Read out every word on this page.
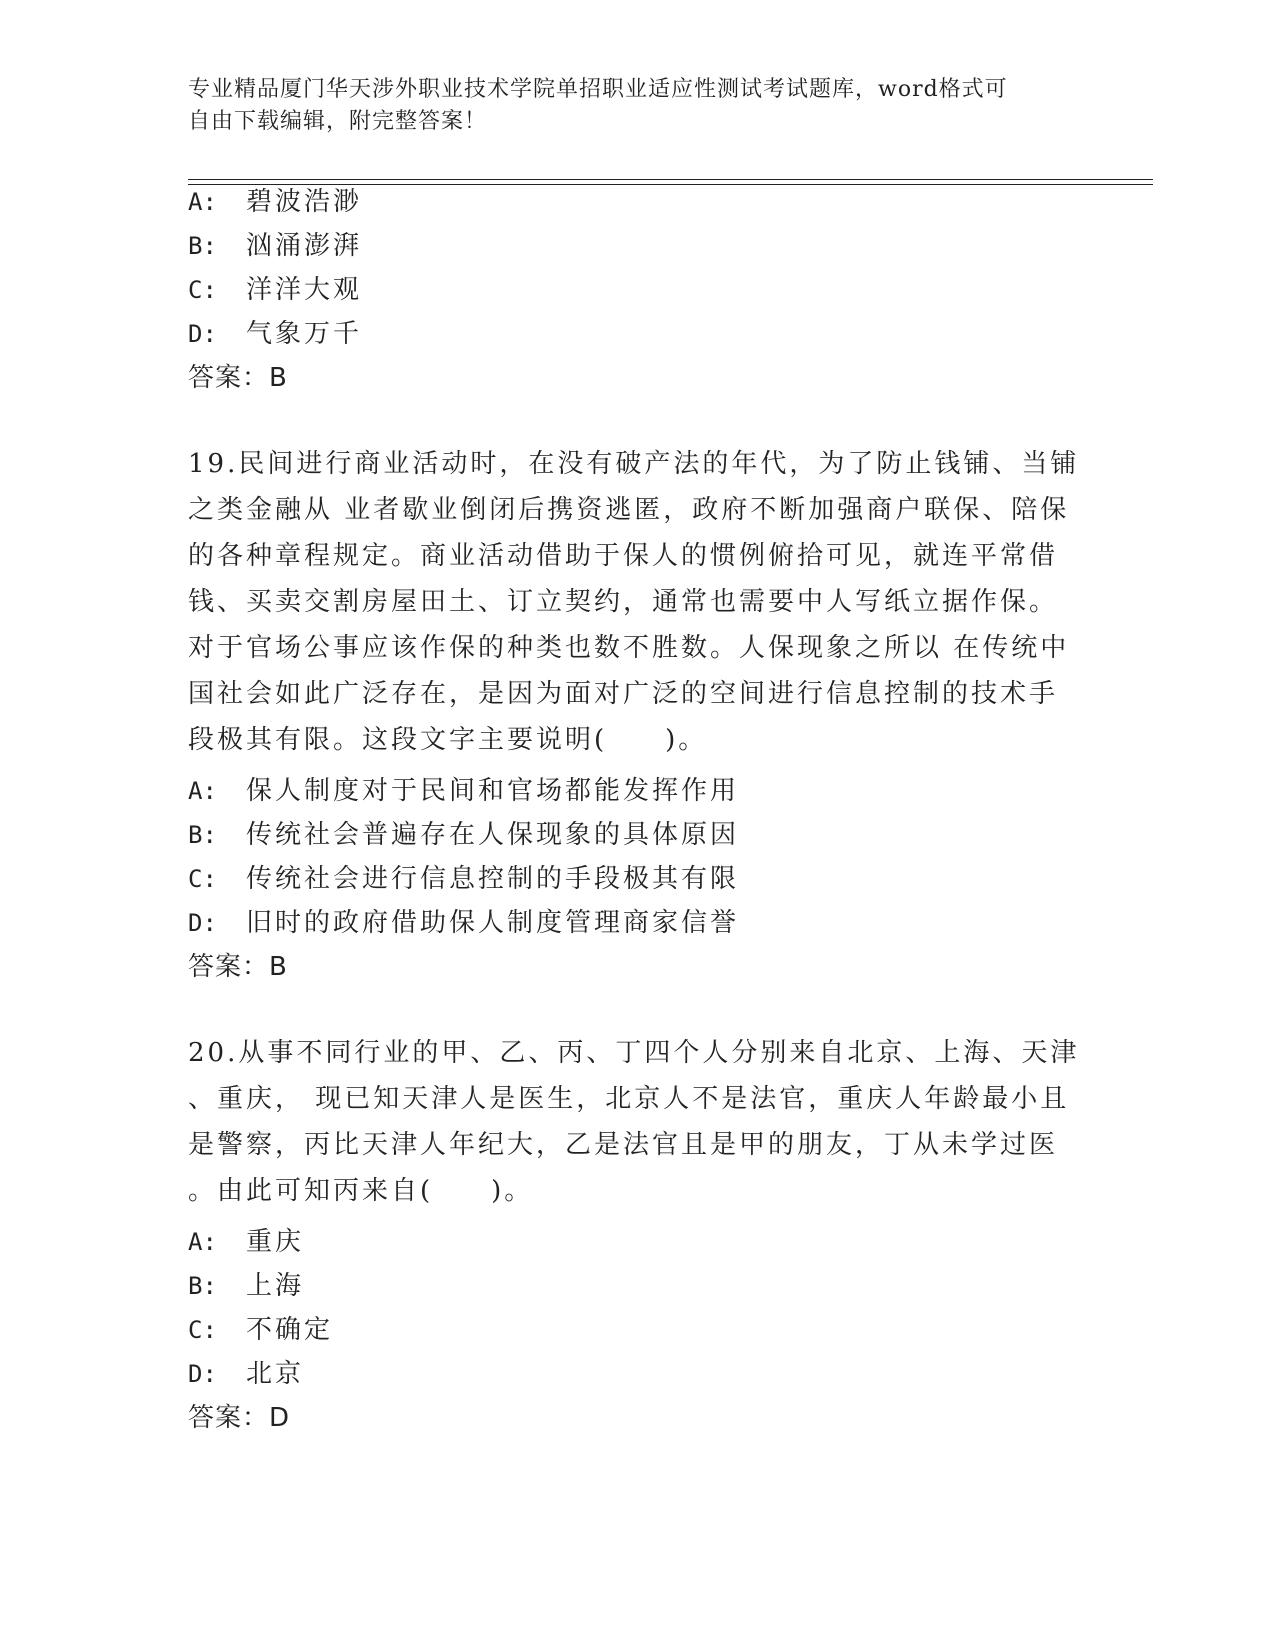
专业精品厦门华天涉外职业技术学院单招职业适应性测试考试题库，word格式可
自由下载编辑，附完整答案！
A: 碧波浩渺
B: 汹涌澎湃
C: 洋洋大观
D: 气象万千
答案：B
19.民间进行商业活动时，在没有破产法的年代，为了防止钱铺、当铺
之类金融从 业者歇业倒闭后携资逃匿，政府不断加强商户联保、陪保
的各种章程规定。商业活动借助于保人的惯例俯拾可见，就连平常借
钱、买卖交割房屋田土、订立契约，通常也需要中人写纸立据作保。
对于官场公事应该作保的种类也数不胜数。人保现象之所以 在传统中
国社会如此广泛存在，是因为面对广泛的空间进行信息控制的技术手
段极其有限。这段文字主要说明(　　)。
A: 保人制度对于民间和官场都能发挥作用
B: 传统社会普遍存在人保现象的具体原因
C: 传统社会进行信息控制的手段极其有限
D: 旧时的政府借助保人制度管理商家信誉
答案：B
20.从事不同行业的甲、乙、丙、丁四个人分别来自北京、上海、天津
、重庆， 现已知天津人是医生，北京人不是法官，重庆人年龄最小且
是警察，丙比天津人年纪大，乙是法官且是甲的朋友，丁从未学过医
。由此可知丙来自(　　)。
A: 重庆
B: 上海
C: 不确定
D: 北京
答案：D
